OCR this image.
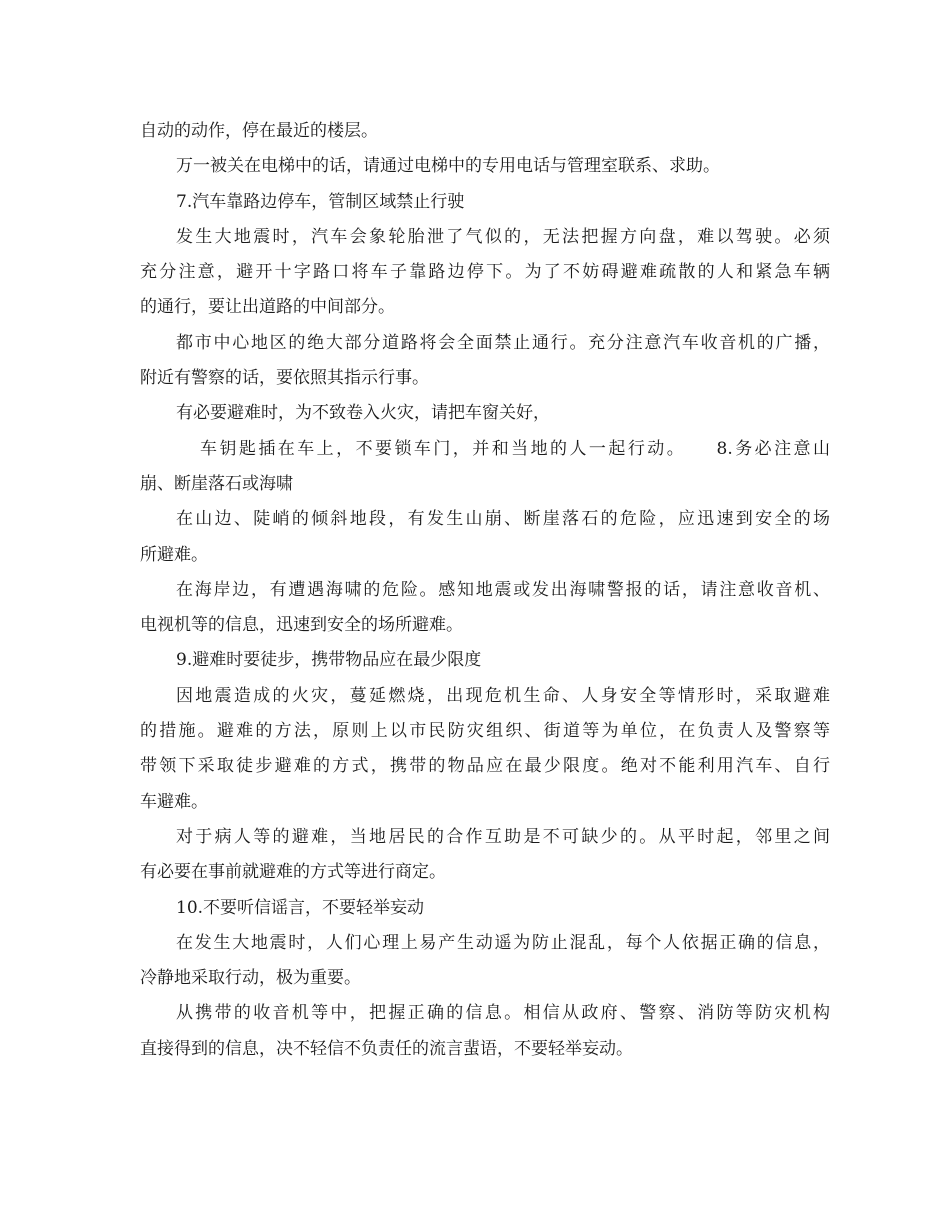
自动的动作，停在最近的楼层。
万一被关在电梯中的话，请通过电梯中的专用电话与管理室联系、求助。
7.汽车靠路边停车，管制区域禁止行驶
发生大地震时，汽车会象轮胎泄了气似的，无法把握方向盘，难以驾驶。必须
充分注意，避开十字路口将车子靠路边停下。为了不妨碍避难疏散的人和紧急车辆
的通行，要让出道路的中间部分。
都市中心地区的绝大部分道路将会全面禁止通行。充分注意汽车收音机的广播，
附近有警察的话，要依照其指示行事。
有必要避难时，为不致卷入火灾，请把车窗关好，
车钥匙插在车上，不要锁车门，并和当地的人一起行动。　　8.务必注意山
崩、断崖落石或海啸
在山边、陡峭的倾斜地段，有发生山崩、断崖落石的危险，应迅速到安全的场
所避难。
在海岸边，有遭遇海啸的危险。感知地震或发出海啸警报的话，请注意收音机、
电视机等的信息，迅速到安全的场所避难。
9.避难时要徒步，携带物品应在最少限度
因地震造成的火灾，蔓延燃烧，出现危机生命、人身安全等情形时，采取避难
的措施。避难的方法，原则上以市民防灾组织、街道等为单位，在负责人及警察等
带领下采取徒步避难的方式，携带的物品应在最少限度。绝对不能利用汽车、自行
车避难。
对于病人等的避难，当地居民的合作互助是不可缺少的。从平时起，邻里之间
有必要在事前就避难的方式等进行商定。
10.不要听信谣言，不要轻举妄动
在发生大地震时，人们心理上易产生动遥为防止混乱，每个人依据正确的信息，
冷静地采取行动，极为重要。
从携带的收音机等中，把握正确的信息。相信从政府、警察、消防等防灾机构
直接得到的信息，决不轻信不负责任的流言蜚语，不要轻举妄动。
